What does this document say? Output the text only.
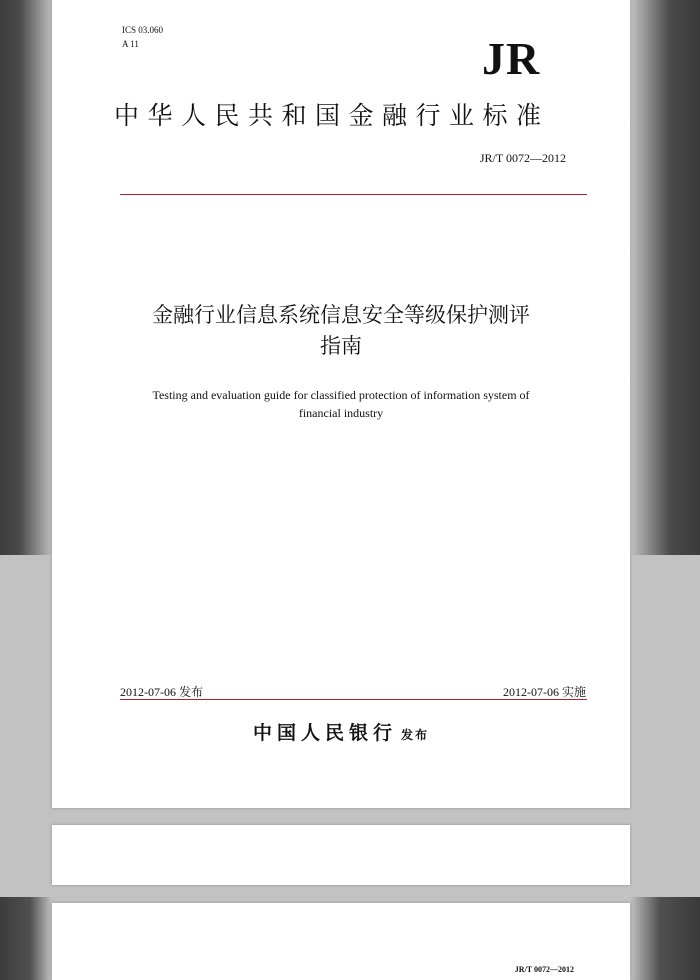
ICS 03.060
A 11	JR
中华人民共和国金融行业标准
JR/T 0072—2012
金融行业信息系统信息安全等级保护测评
指南
Testing and evaluation guide for classified protection of information system of
financial industry
2012-07-06 发布	2012-07-06 实施
中国人民银行 发布
JR/T 0072—2012
